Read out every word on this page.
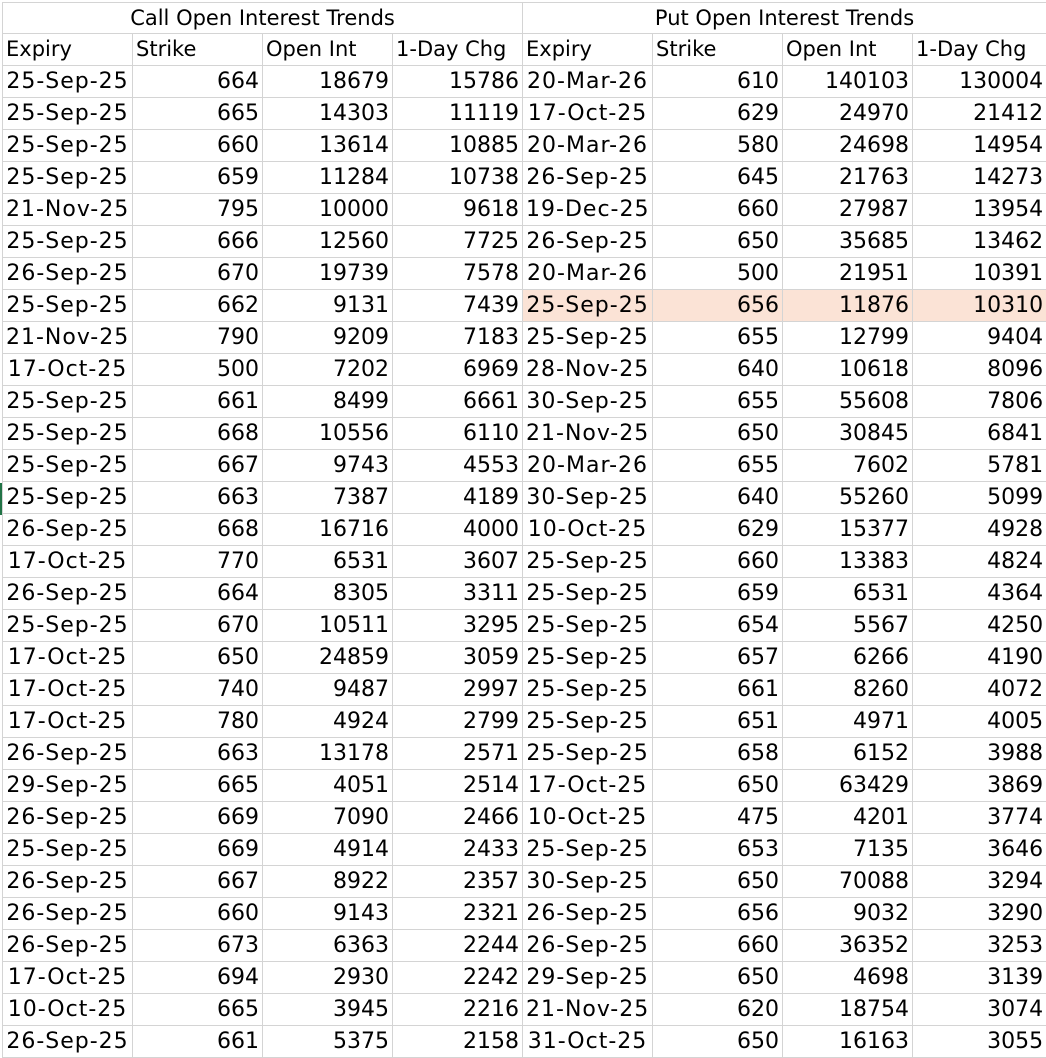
Call Open Interest Trends				Put Open Interest Trends			
Expiry	Strike	Open Int	1-Day Chg	Expiry	Strike	Open Int	1-Day Chg
25-Sep-25	664	18679	15786	20-Mar-26	610	140103	130004
25-Sep-25	665	14303	11119	17-Oct-25	629	24970	21412
25-Sep-25	660	13614	10885	20-Mar-26	580	24698	14954
25-Sep-25	659	11284	10738	26-Sep-25	645	21763	14273
21-Nov-25	795	10000	9618	19-Dec-25	660	27987	13954
25-Sep-25	666	12560	7725	26-Sep-25	650	35685	13462
26-Sep-25	670	19739	7578	20-Mar-26	500	21951	10391
25-Sep-25	662	9131	7439	25-Sep-25	656	11876	10310
21-Nov-25	790	9209	7183	25-Sep-25	655	12799	9404
17-Oct-25	500	7202	6969	28-Nov-25	640	10618	8096
25-Sep-25	661	8499	6661	30-Sep-25	655	55608	7806
25-Sep-25	668	10556	6110	21-Nov-25	650	30845	6841
25-Sep-25	667	9743	4553	20-Mar-26	655	7602	5781
25-Sep-25	663	7387	4189	30-Sep-25	640	55260	5099
26-Sep-25	668	16716	4000	10-Oct-25	629	15377	4928
17-Oct-25	770	6531	3607	25-Sep-25	660	13383	4824
26-Sep-25	664	8305	3311	25-Sep-25	659	6531	4364
25-Sep-25	670	10511	3295	25-Sep-25	654	5567	4250
17-Oct-25	650	24859	3059	25-Sep-25	657	6266	4190
17-Oct-25	740	9487	2997	25-Sep-25	661	8260	4072
17-Oct-25	780	4924	2799	25-Sep-25	651	4971	4005
26-Sep-25	663	13178	2571	25-Sep-25	658	6152	3988
29-Sep-25	665	4051	2514	17-Oct-25	650	63429	3869
26-Sep-25	669	7090	2466	10-Oct-25	475	4201	3774
25-Sep-25	669	4914	2433	25-Sep-25	653	7135	3646
26-Sep-25	667	8922	2357	30-Sep-25	650	70088	3294
26-Sep-25	660	9143	2321	26-Sep-25	656	9032	3290
26-Sep-25	673	6363	2244	26-Sep-25	660	36352	3253
17-Oct-25	694	2930	2242	29-Sep-25	650	4698	3139
10-Oct-25	665	3945	2216	21-Nov-25	620	18754	3074
26-Sep-25	661	5375	2158	31-Oct-25	650	16163	3055
